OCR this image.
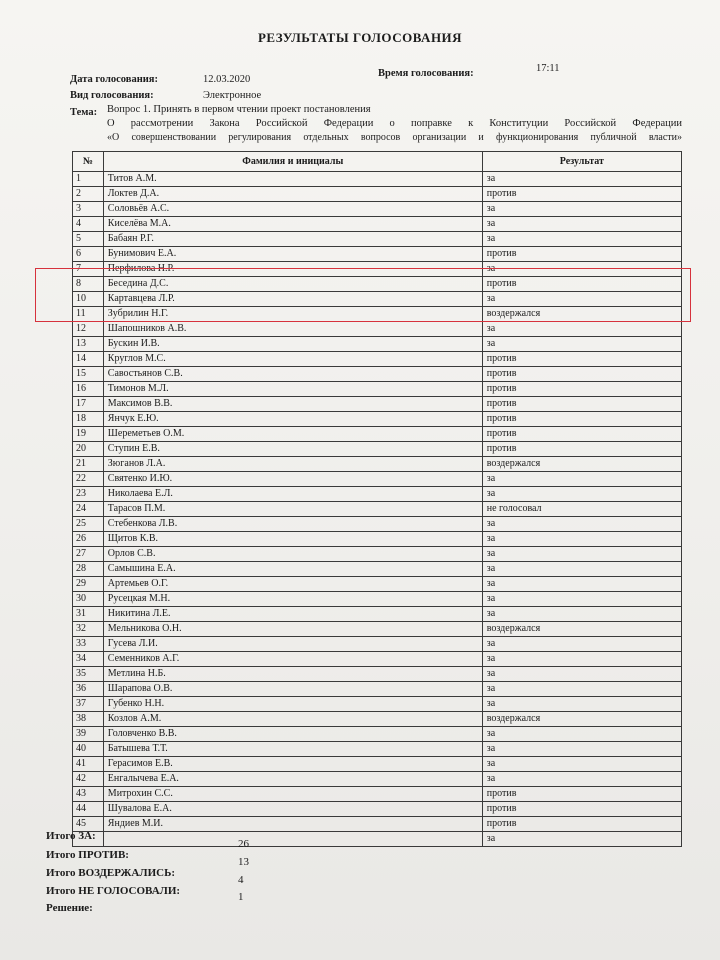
РЕЗУЛЬТАТЫ ГОЛОСОВАНИЯ
Дата голосования:	12.03.2020
Время голосования:	17:11
Вид голосования:	Электронное
Тема: Вопрос 1. Принять в первом чтении проект постановления
О рассмотрении Закона Российской Федерации о поправке к Конституции Российской Федерации
«О совершенствовании регулирования отдельных вопросов организации и функционирования публичной власти»
№	Фамилия и инициалы	Результат
1	Титов А.М.	за
2	Локтев Д.А.	против
3	Соловьёв А.С.	за
4	Киселёва М.А.	за
5	Бабаян Р.Г.	за
6	Бунимович Е.А.	против
7	Перфилова Н.Р.	за
8	Беседина Д.С.	против
10	Картавцева Л.Р.	за
11	Зубрилин Н.Г.	воздержался
12	Шапошников А.В.	за
13	Бускин И.В.	за
14	Круглов М.С.	против
15	Савостьянов С.В.	против
16	Тимонов М.Л.	против
17	Максимов В.В.	против
18	Янчук Е.Ю.	против
19	Шереметьев О.М.	против
20	Ступин Е.В.	против
21	Зюганов Л.А.	воздержался
22	Святенко И.Ю.	за
23	Николаева Е.Л.	за
24	Тарасов П.М.	не голосовал
25	Стебенкова Л.В.	за
26	Щитов К.В.	за
27	Орлов С.В.	за
28	Самышина Е.А.	за
29	Артемьев О.Г.	за
30	Русецкая М.Н.	за
31	Никитина Л.Е.	за
32	Мельникова О.Н.	воздержался
33	Гусева Л.И.	за
34	Семенников А.Г.	за
35	Метлина Н.Б.	за
36	Шарапова О.В.	за
37	Губенко Н.Н.	за
38	Козлов А.М.	воздержался
39	Головченко В.В.	за
40	Батышева Т.Т.	за
41	Герасимов Е.В.	за
42	Енгалычева Е.А.	за
43	Митрохин С.С.	против
44	Шувалова Е.А.	против
45	Яндиев М.И.	против
		за
Итого ЗА:
26
Итого ПРОТИВ:
13
Итого ВОЗДЕРЖАЛИСЬ:
4
Итого НЕ ГОЛОСОВАЛИ:	1
Решение:
